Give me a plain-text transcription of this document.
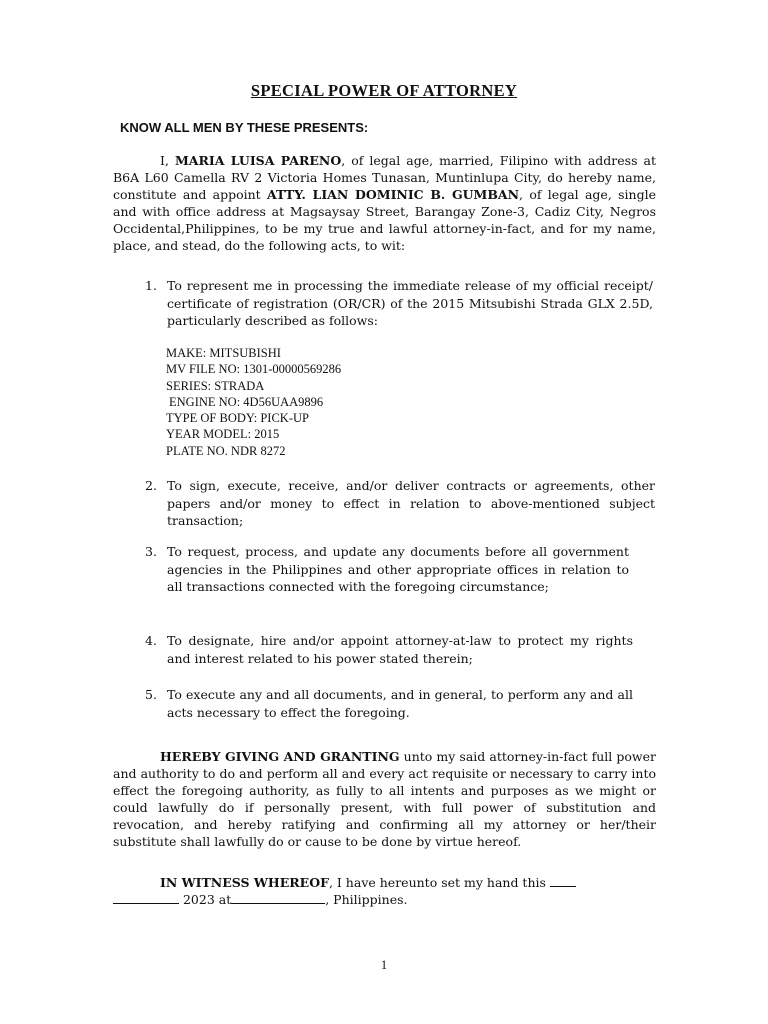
SPECIAL POWER OF ATTORNEY
KNOW ALL MEN BY THESE PRESENTS:
I, MARIA LUISA PARENO, of legal age, married, Filipino with address at B6A L60 Camella RV 2 Victoria Homes Tunasan, Muntinlupa City, do hereby name, constitute and appoint ATTY. LIAN DOMINIC B. GUMBAN, of legal age, single and with office address at Magsaysay Street, Barangay Zone-3, Cadiz City, Negros Occidental,Philippines, to be my true and lawful attorney-in-fact, and for my name, place, and stead, do the following acts, to wit:
1. To represent me in processing the immediate release of my official receipt/ certificate of registration (OR/CR) of the 2015 Mitsubishi Strada GLX 2.5D, particularly described as follows:
MAKE: MITSUBISHI
MV FILE NO: 1301-00000569286
SERIES: STRADA
ENGINE NO: 4D56UAA9896
TYPE OF BODY: PICK-UP
YEAR MODEL: 2015
PLATE NO. NDR 8272
2. To sign, execute, receive, and/or deliver contracts or agreements, other papers and/or money to effect in relation to above-mentioned subject transaction;
3. To request, process, and update any documents before all government agencies in the Philippines and other appropriate offices in relation to all transactions connected with the foregoing circumstance;
4. To designate, hire and/or appoint attorney-at-law to protect my rights and interest related to his power stated therein;
5. To execute any and all documents, and in general, to perform any and all acts necessary to effect the foregoing.
HEREBY GIVING AND GRANTING unto my said attorney-in-fact full power and authority to do and perform all and every act requisite or necessary to carry into effect the foregoing authority, as fully to all intents and purposes as we might or could lawfully do if personally present, with full power of substitution and revocation, and hereby ratifying and confirming all my attorney or her/their substitute shall lawfully do or cause to be done by virtue hereof.
IN WITNESS WHEREOF, I have hereunto set my hand this
2023 at	, Philippines.
1
